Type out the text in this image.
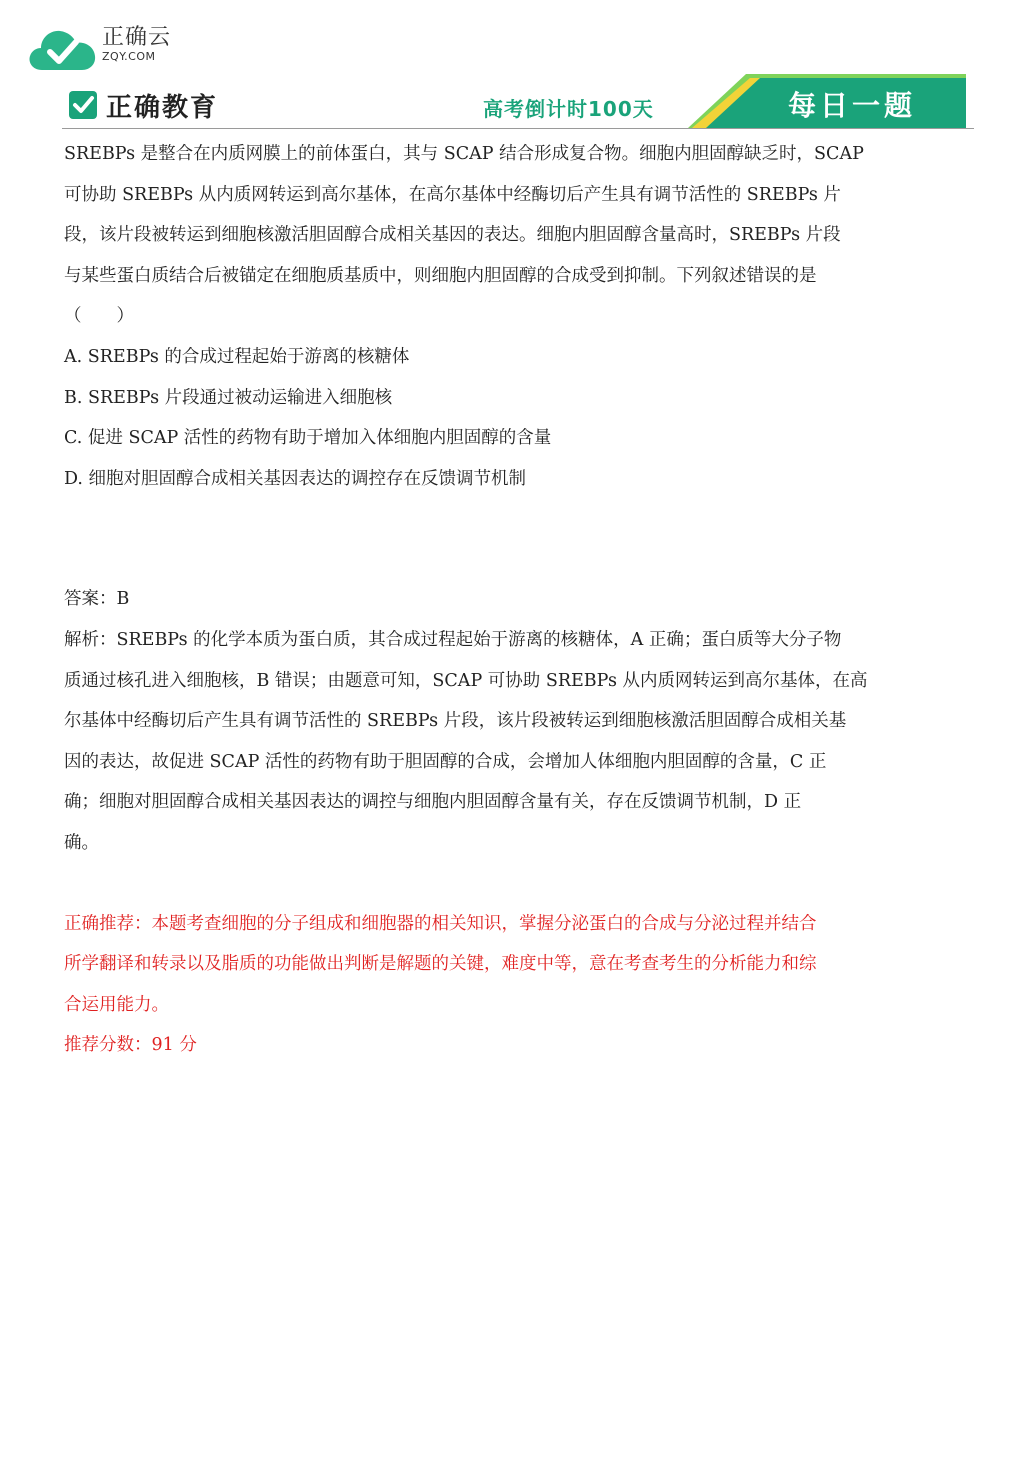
正确云
ZQY.COM
正确教育	高考倒计时100天	每日一题

SREBPs 是整合在内质网膜上的前体蛋白，其与 SCAP 结合形成复合物。细胞内胆固醇缺乏时，SCAP

可协助 SREBPs 从内质网转运到高尔基体，在高尔基体中经酶切后产生具有调节活性的 SREBPs 片

段，该片段被转运到细胞核激活胆固醇合成相关基因的表达。细胞内胆固醇含量高时，SREBPs 片段

与某些蛋白质结合后被锚定在细胞质基质中，则细胞内胆固醇的合成受到抑制。下列叙述错误的是

（　　）

A. SREBPs 的合成过程起始于游离的核糖体

B. SREBPs 片段通过被动运输进入细胞核

C. 促进 SCAP 活性的药物有助于增加入体细胞内胆固醇的含量

D. 细胞对胆固醇合成相关基因表达的调控存在反馈调节机制

答案：B

解析：SREBPs 的化学本质为蛋白质，其合成过程起始于游离的核糖体，A 正确；蛋白质等大分子物

质通过核孔进入细胞核，B 错误；由题意可知，SCAP 可协助 SREBPs 从内质网转运到高尔基体，在高

尔基体中经酶切后产生具有调节活性的 SREBPs 片段，该片段被转运到细胞核激活胆固醇合成相关基

因的表达，故促进 SCAP 活性的药物有助于胆固醇的合成，会增加人体细胞内胆固醇的含量，C 正

确；细胞对胆固醇合成相关基因表达的调控与细胞内胆固醇含量有关，存在反馈调节机制，D 正

确。

正确推荐：本题考查细胞的分子组成和细胞器的相关知识，掌握分泌蛋白的合成与分泌过程并结合

所学翻译和转录以及脂质的功能做出判断是解题的关键，难度中等，意在考查考生的分析能力和综

合运用能力。

推荐分数：91 分
